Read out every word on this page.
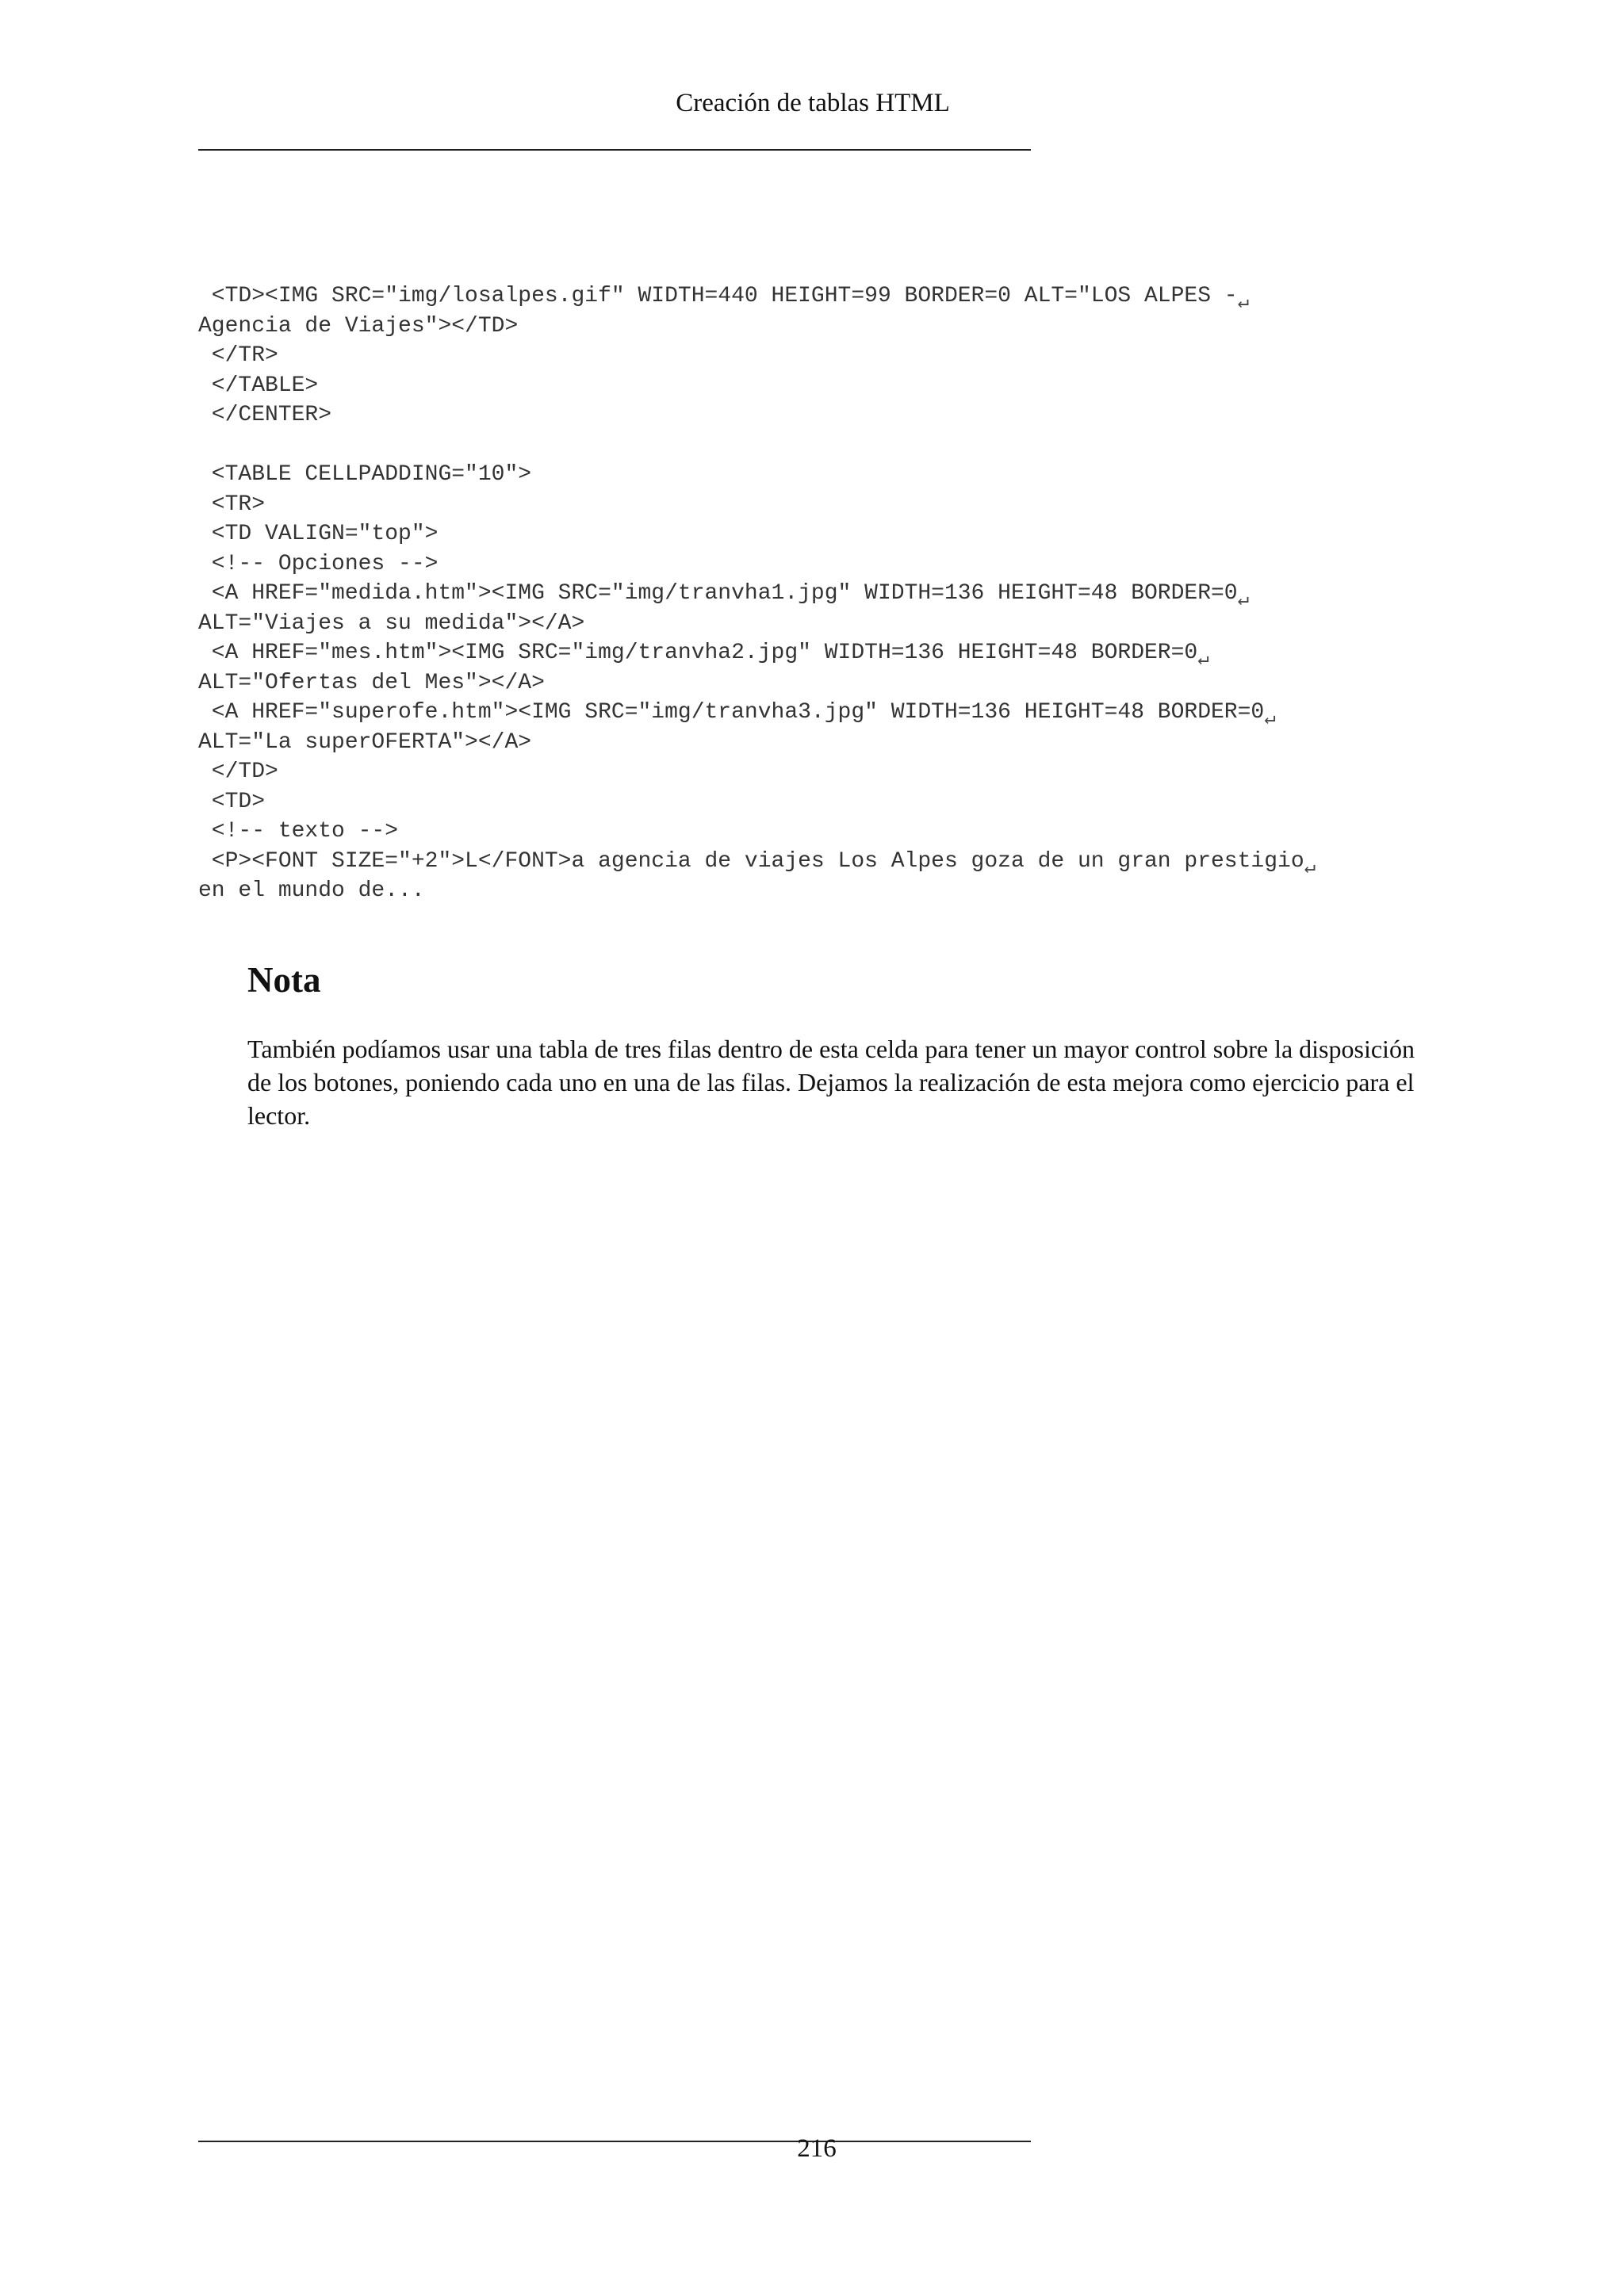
Creación de tablas HTML
<TD><IMG SRC="img/losalpes.gif" WIDTH=440 HEIGHT=99 BORDER=0 ALT="LOS ALPES -↵
Agencia de Viajes"></TD>
</TR>
</TABLE>
</CENTER>
<TABLE CELLPADDING="10">
<TR>
<TD VALIGN="top">
<!-- Opciones -->
<A HREF="medida.htm"><IMG SRC="img/tranvha1.jpg" WIDTH=136 HEIGHT=48 BORDER=0↵
ALT="Viajes a su medida"></A>
<A HREF="mes.htm"><IMG SRC="img/tranvha2.jpg" WIDTH=136 HEIGHT=48 BORDER=0↵
ALT="Ofertas del Mes"></A>
<A HREF="superofe.htm"><IMG SRC="img/tranvha3.jpg" WIDTH=136 HEIGHT=48 BORDER=0↵
ALT="La superOFERTA"></A>
</TD>
<TD>
<!-- texto -->
<P><FONT SIZE="+2">L</FONT>a agencia de viajes Los Alpes goza de un gran prestigio↵
en el mundo de...
Nota

También podíamos usar una tabla de tres filas dentro de esta celda para tener un mayor control sobre la disposición de los botones, poniendo cada uno en una de las filas. Dejamos la realización de esta mejora como ejercicio para el lector.

216
